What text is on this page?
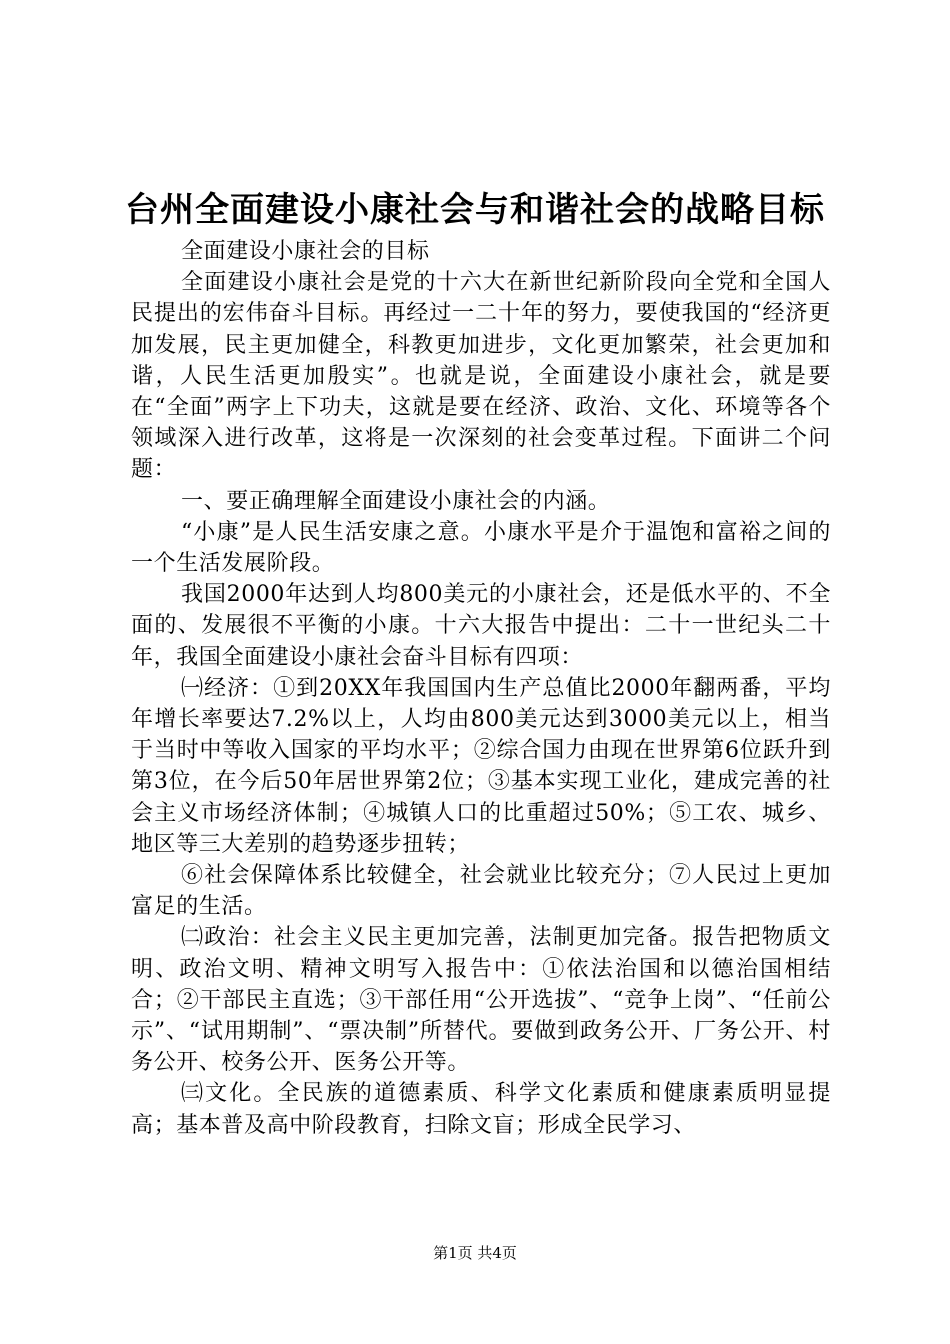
台州全面建设小康社会与和谐社会的战略目标

全面建设小康社会的目标

全面建设小康社会是党的十六大在新世纪新阶段向全党和全国人民提出的宏伟奋斗目标。再经过一二十年的努力，要使我国的“经济更加发展，民主更加健全，科教更加进步，文化更加繁荣，社会更加和谐，人民生活更加殷实”。也就是说，全面建设小康社会，就是要在“全面”两字上下功夫，这就是要在经济、政治、文化、环境等各个领域深入进行改革，这将是一次深刻的社会变革过程。下面讲二个问题：

一、要正确理解全面建设小康社会的内涵。

“小康”是人民生活安康之意。小康水平是介于温饱和富裕之间的一个生活发展阶段。

我国2000年达到人均800美元的小康社会，还是低水平的、不全面的、发展很不平衡的小康。十六大报告中提出：二十一世纪头二十年，我国全面建设小康社会奋斗目标有四项：

㈠经济：①到20XX年我国国内生产总值比2000年翻两番，平均年增长率要达7.2%以上，人均由800美元达到3000美元以上，相当于当时中等收入国家的平均水平；②综合国力由现在世界第6位跃升到第3位，在今后50年居世界第2位；③基本实现工业化，建成完善的社会主义市场经济体制；④城镇人口的比重超过50%；⑤工农、城乡、地区等三大差别的趋势逐步扭转；

⑥社会保障体系比较健全，社会就业比较充分；⑦人民过上更加富足的生活。

㈡政治：社会主义民主更加完善，法制更加完备。报告把物质文明、政治文明、精神文明写入报告中：①依法治国和以德治国相结合；②干部民主直选；③干部任用“公开选拔”、“竞争上岗”、“任前公示”、“试用期制”、“票决制”所替代。要做到政务公开、厂务公开、村务公开、校务公开、医务公开等。

㈢文化。全民族的道德素质、科学文化素质和健康素质明显提高；基本普及高中阶段教育，扫除文盲；形成全民学习、

第1页 共4页
